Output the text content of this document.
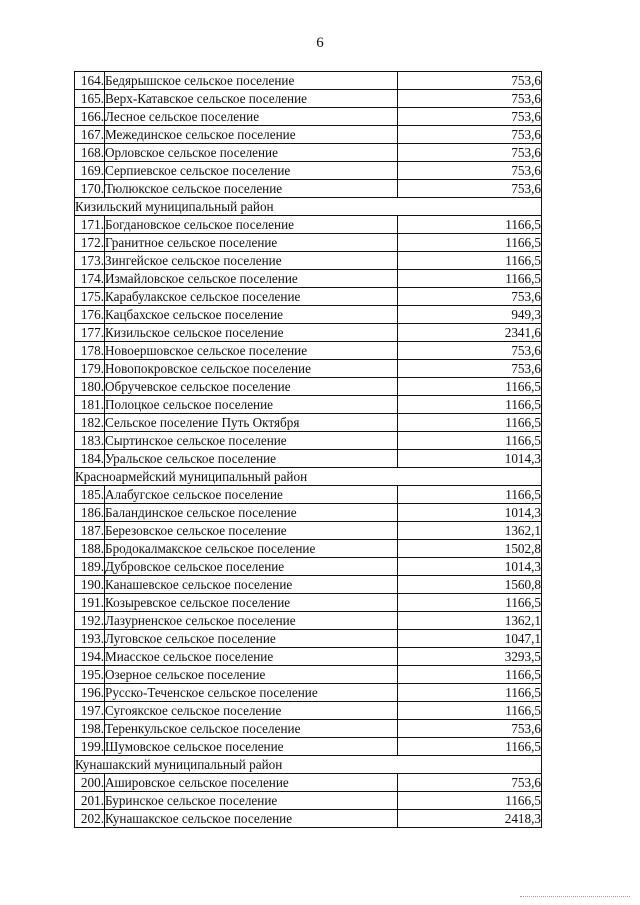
6
164.	Бедярышское сельское поселение	753,6
165.	Верх-Катавское сельское поселение	753,6
166.	Лесное сельское поселение	753,6
167.	Межединское сельское поселение	753,6
168.	Орловское сельское поселение	753,6
169.	Серпиевское сельское поселение	753,6
170.	Тюлюкское сельское поселение	753,6
Кизильский муниципальный район		
171.	Богдановское сельское поселение	1166,5
172.	Гранитное сельское поселение	1166,5
173.	Зингейское сельское поселение	1166,5
174.	Измайловское сельское поселение	1166,5
175.	Карабулакское сельское поселение	753,6
176.	Кацбахское сельское поселение	949,3
177.	Кизильское сельское поселение	2341,6
178.	Новоершовское сельское поселение	753,6
179.	Новопокровское сельское поселение	753,6
180.	Обручевское сельское поселение	1166,5
181.	Полоцкое сельское поселение	1166,5
182.	Сельское поселение Путь Октября	1166,5
183.	Сыртинское сельское поселение	1166,5
184.	Уральское сельское поселение	1014,3
Красноармейский муниципальный район		
185.	Алабугское сельское поселение	1166,5
186.	Баландинское сельское поселение	1014,3
187.	Березовское сельское поселение	1362,1
188.	Бродокалмакское сельское поселение	1502,8
189.	Дубровское сельское поселение	1014,3
190.	Канашевское сельское поселение	1560,8
191.	Козыревское сельское поселение	1166,5
192.	Лазурненское сельское поселение	1362,1
193.	Луговское сельское поселение	1047,1
194.	Миасское сельское поселение	3293,5
195.	Озерное сельское поселение	1166,5
196.	Русско-Теченское сельское поселение	1166,5
197.	Сугоякское сельское поселение	1166,5
198.	Теренкульское сельское поселение	753,6
199.	Шумовское сельское поселение	1166,5
Кунашакский муниципальный район		
200.	Аширoвское сельское поселение	753,6
201.	Буринское сельское поселение	1166,5
202.	Кунашакское сельское поселение	2418,3
